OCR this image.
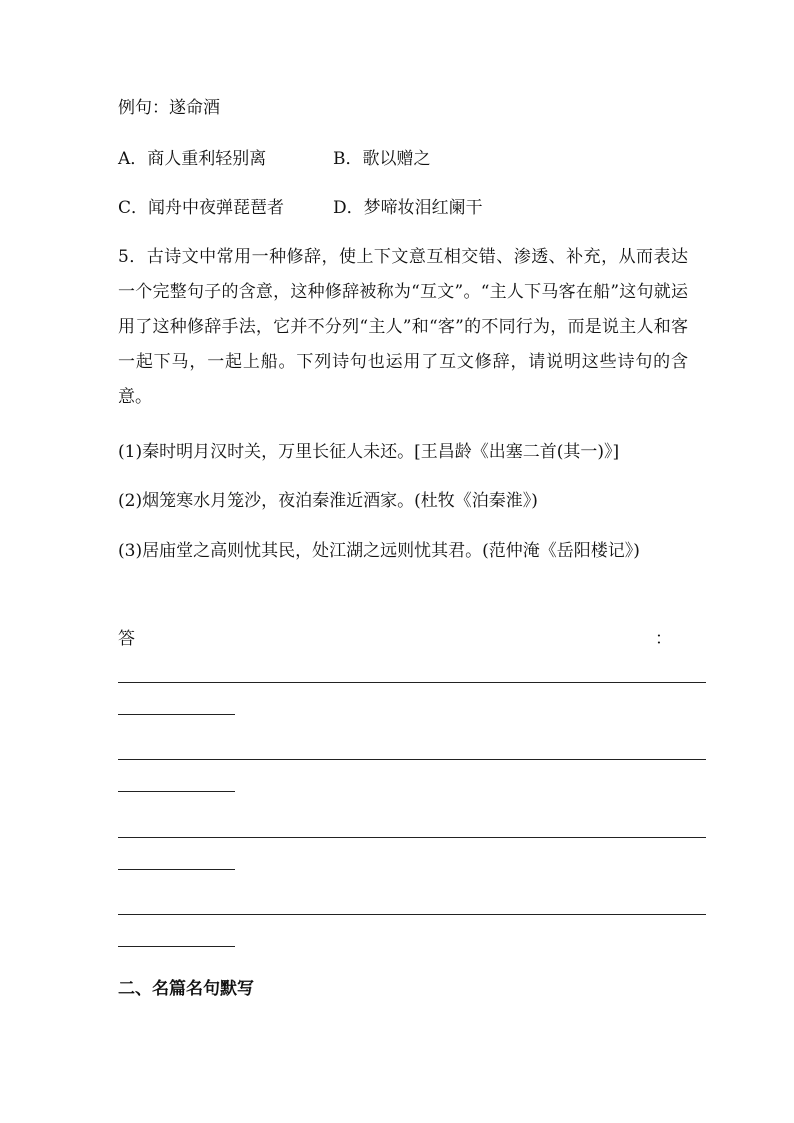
例句：遂命酒
A．商人重利轻别离	B．歌以赠之
C．闻舟中夜弹琵琶者	D．梦啼妆泪红阑干
5．古诗文中常用一种修辞，使上下文意互相交错、渗透、补充，从而表达一个完整句子的含意，这种修辞被称为“互文”。“主人下马客在船”这句就运用了这种修辞手法，它并不分列“主人”和“客”的不同行为，而是说主人和客一起下马，一起上船。下列诗句也运用了互文修辞，请说明这些诗句的含意。
(1)秦时明月汉时关，万里长征人未还。[王昌龄《出塞二首(其一)》]
(2)烟笼寒水月笼沙，夜泊秦淮近酒家。(杜牧《泊秦淮》)
(3)居庙堂之高则忧其民，处江湖之远则忧其君。(范仲淹《岳阳楼记》)
答	：
二、名篇名句默写
